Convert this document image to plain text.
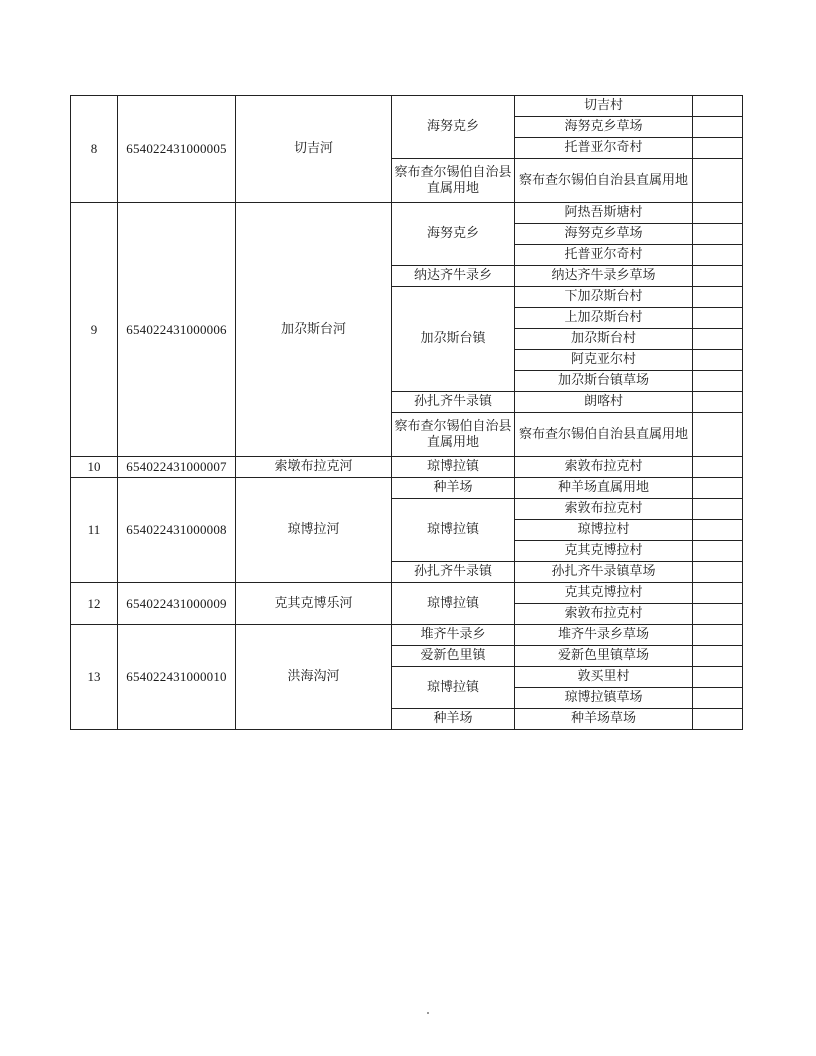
8	654022431000005	切吉河	海努克乡	切吉村	
				海努克乡草场	
				托普亚尔奇村	
			察布查尔锡伯自治县直属用地	察布查尔锡伯自治县直属用地	
9	654022431000006	加尕斯台河	海努克乡	阿热吾斯塘村	
				海努克乡草场	
				托普亚尔奇村	
			纳达齐牛录乡	纳达齐牛录乡草场	
			加尕斯台镇	下加尕斯台村	
				上加尕斯台村	
				加尕斯台村	
				阿克亚尔村	
				加尕斯台镇草场	
			孙扎齐牛录镇	朗喀村	
			察布查尔锡伯自治县直属用地	察布查尔锡伯自治县直属用地	
10	654022431000007	索墩布拉克河	琼博拉镇	索敦布拉克村	
11	654022431000008	琼博拉河	种羊场	种羊场直属用地	
			琼博拉镇	索敦布拉克村	
				琼博拉村	
				克其克博拉村	
			孙扎齐牛录镇	孙扎齐牛录镇草场	
12	654022431000009	克其克博乐河	琼博拉镇	克其克博拉村	
				索敦布拉克村	
13	654022431000010	洪海沟河	堆齐牛录乡	堆齐牛录乡草场	
			爱新色里镇	爱新色里镇草场	
			琼博拉镇	敦买里村	
				琼博拉镇草场	
			种羊场	种羊场草场	
